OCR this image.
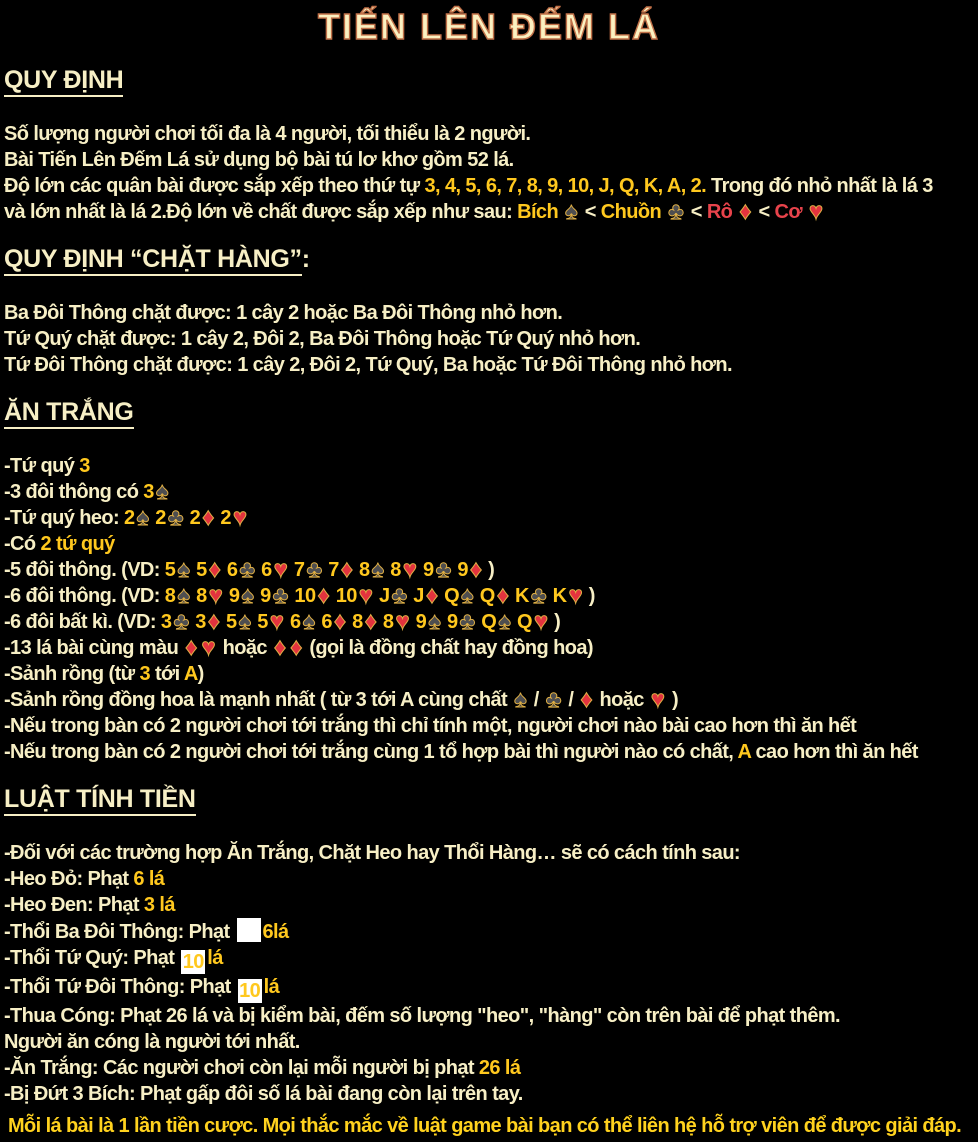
TIẾN LÊN ĐẾM LÁ
QUY ĐỊNH
Số lượng người chơi tối đa là 4 người, tối thiểu là 2 người.
Bài Tiến Lên Đếm Lá sử dụng bộ bài tú lơ khơ gồm 52 lá.
Độ lớn các quân bài được sắp xếp theo thứ tự 3, 4, 5, 6, 7, 8, 9, 10, J, Q, K, A, 2. Trong đó nhỏ nhất là lá 3
và lớn nhất là lá 2.Độ lớn về chất được sắp xếp như sau: Bích ♠ < Chuồn ♣ < Rô ♦ < Cơ ♥
QUY ĐỊNH “CHẶT HÀNG”:
Ba Đôi Thông chặt được: 1 cây 2 hoặc Ba Đôi Thông nhỏ hơn.
Tứ Quý chặt được: 1 cây 2, Đôi 2, Ba Đôi Thông hoặc Tứ Quý nhỏ hơn.
Tứ Đôi Thông chặt được: 1 cây 2, Đôi 2, Tứ Quý, Ba hoặc Tứ Đôi Thông nhỏ hơn.
ĂN TRẮNG
-Tứ quý 3
-3 đôi thông có 3♠
-Tứ quý heo: 2♠ 2♣ 2♦ 2♥
-Có 2 tứ quý
-5 đôi thông. (VD: 5♠ 5♦ 6♣ 6♥ 7♣ 7♦ 8♠ 8♥ 9♣ 9♦ )
-6 đôi thông. (VD: 8♠ 8♥ 9♠ 9♣ 10♦ 10♥ J♣ J♦ Q♠ Q♦ K♣ K♥ )
-6 đôi bất kì. (VD: 3♣ 3♦ 5♠ 5♥ 6♠ 6♦ 8♦ 8♥ 9♠ 9♣ Q♠ Q♥ )
-13 lá bài cùng màu ♦ ♥ hoặc ♦ ♦ (gọi là đồng chất hay đồng hoa)
-Sảnh rồng (từ 3 tới A)
-Sảnh rồng đồng hoa là mạnh nhất ( từ 3 tới A cùng chất ♠ / ♣ / ♦ hoặc ♥ )
-Nếu trong bàn có 2 người chơi tới trắng thì chỉ tính một, người chơi nào bài cao hơn thì ăn hết
-Nếu trong bàn có 2 người chơi tới trắng cùng 1 tổ hợp bài thì người nào có chất, A cao hơn thì ăn hết
LUẬT TÍNH TIỀN
-Đối với các trường hợp Ăn Trắng, Chặt Heo hay Thổi Hàng… sẽ có cách tính sau:
-Heo Đỏ: Phạt 6 lá
-Heo Đen: Phạt 3 lá
-Thổi Ba Đôi Thông: Phạt 6lá
-Thổi Tứ Quý: Phạt 10 lá
-Thổi Tứ Đôi Thông: Phạt 10 lá
-Thua Cóng: Phạt 26 lá và bị kiểm bài, đếm số lượng "heo", "hàng" còn trên bài để phạt thêm.
Người ăn cóng là người tới nhất.
-Ăn Trắng: Các người chơi còn lại mỗi người bị phạt 26 lá
-Bị Đứt 3 Bích: Phạt gấp đôi số lá bài đang còn lại trên tay.
Mỗi lá bài là 1 lần tiền cược. Mọi thắc mắc về luật game bài bạn có thể liên hệ hỗ trợ viên để được giải đáp.
